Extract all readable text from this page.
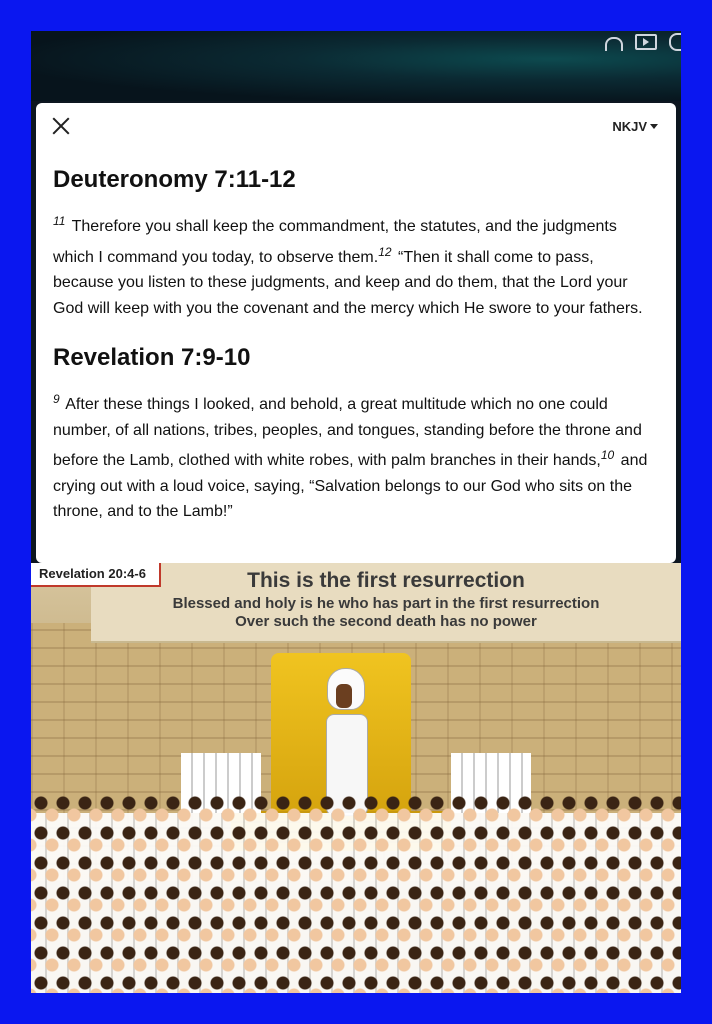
NKJV
Deuteronomy 7:11-12
$^{11}$ Therefore you shall keep the commandment, the statutes, and the judgments which I command you today, to observe them.$^{12}$ “Then it shall come to pass, because you listen to these judgments, and keep and do them, that the Lord your God will keep with you the covenant and the mercy which He swore to your fathers.
Revelation 7:9-10
$^9$ After these things I looked, and behold, a great multitude which no one could number, of all nations, tribes, peoples, and tongues, standing before the throne and before the Lamb, clothed with white robes, with palm branches in their hands,$^{10}$ and crying out with a loud voice, saying, “Salvation belongs to our God who sits on the throne, and to the Lamb!”
This is the first resurrection
Blessed and holy is he who has part in the first resurrection
Over such the second death has no power
Revelation 20:4-6
